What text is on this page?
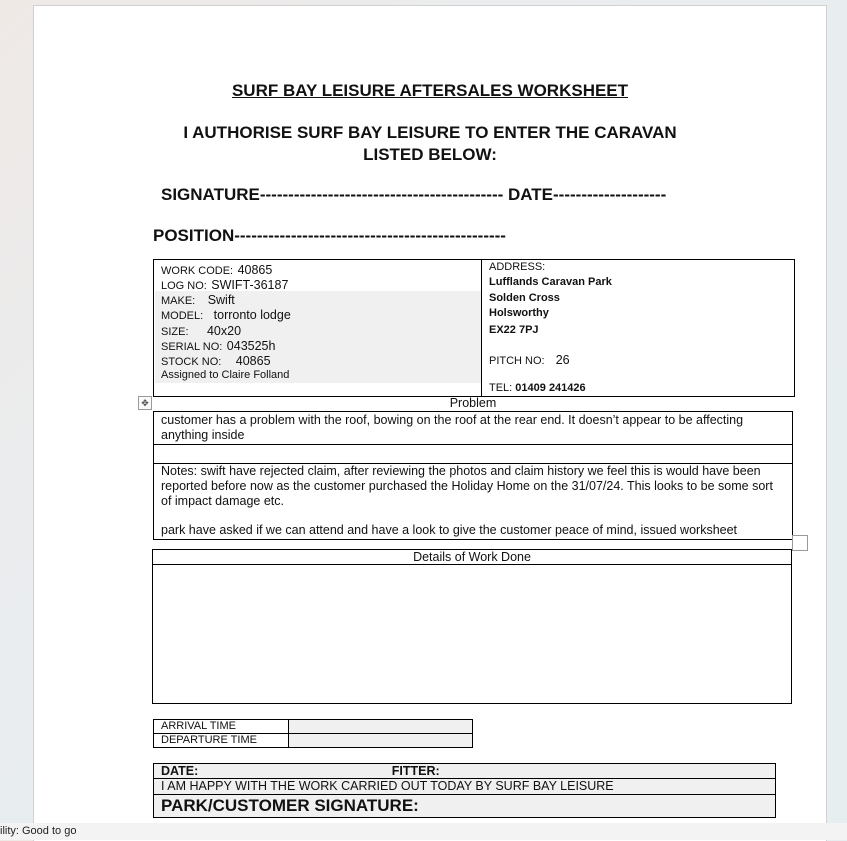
SURF BAY LEISURE AFTERSALES WORKSHEET
I AUTHORISE SURF BAY LEISURE TO ENTER THE CARAVAN
LISTED BELOW:
SIGNATURE------------------------------------------- DATE--------------------
POSITION------------------------------------------------
WORK CODE: 40865
LOG NO: SWIFT-36187
MAKE: Swift
MODEL: torronto lodge
SIZE: 40x20
SERIAL NO: 043525h
STOCK NO: 40865
Assigned to Claire Folland
ADDRESS:
Lufflands Caravan Park
Solden Cross
Holsworthy
EX22 7PJ
PITCH NO: 26
TEL: 01409 241426
✥	Problem
customer has a problem with the roof, bowing on the roof at the rear end. It doesn’t appear to be affecting anything inside
Notes: swift have rejected claim, after reviewing the photos and claim history we feel this is would have been reported before now as the customer purchased the Holiday Home on the 31/07/24. This looks to be some sort of impact damage etc.
park have asked if we can attend and have a look to give the customer peace of mind, issued worksheet
Details of Work Done
ARRIVAL TIME
DEPARTURE TIME
DATE:	FITTER:
I AM HAPPY WITH THE WORK CARRIED OUT TODAY BY SURF BAY LEISURE
PARK/CUSTOMER SIGNATURE:
ility: Good to go
